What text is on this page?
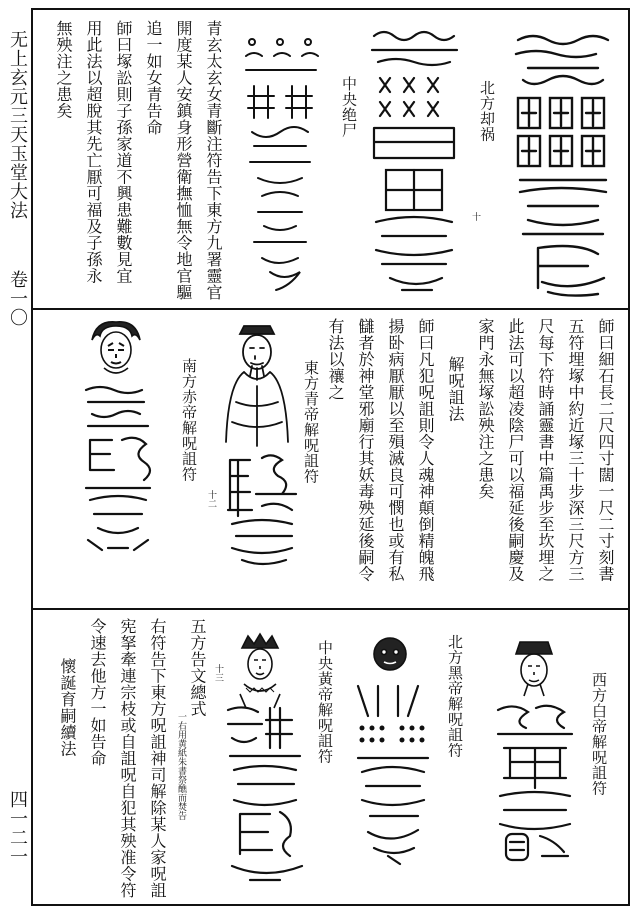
无上玄元三天玉堂大法
卷一〇
四一二一
北方却祸
十
中央绝尸
青玄太玄女青斷注符告下東方九署靈官
開度某人安鎮身形營衛撫恤無令地官驅
追一如女青告命
師曰塚訟則子孫家道不興患難數見宜
用此法以超脫其先亡厭可福及子孫永
無殃注之患矣
師曰細石長二尺四寸闊一尺二寸刻書
五符埋塚中約近塚三十步深三尺方三
尺每下符時誦靈書中篇禹步至坎埋之
此法可以超凌陰尸可以福延後嗣慶及
家門永無塚訟殃注之患矣
解呪詛法
師曰凡犯呪詛則令人魂神顛倒精魄飛
揚卧病厭厭以至殞滅良可憫也或有私
讎者於神堂邪廟行其妖毒殃延後嗣令
有法以禳之
東方青帝解呪詛符
十二
南方赤帝解呪詛符
西方白帝解呪詛符
北方黑帝解呪詛符
中央黃帝解呪詛符
十三
五方告文總式
一右用黄紙朱書祭醮而焚告
右符告下東方呪詛神司解除某人家呪詛
宪拏牽連宗枝或自詛呪自犯其殃准令符
令速去他方一如告命
懷誕育嗣續法
